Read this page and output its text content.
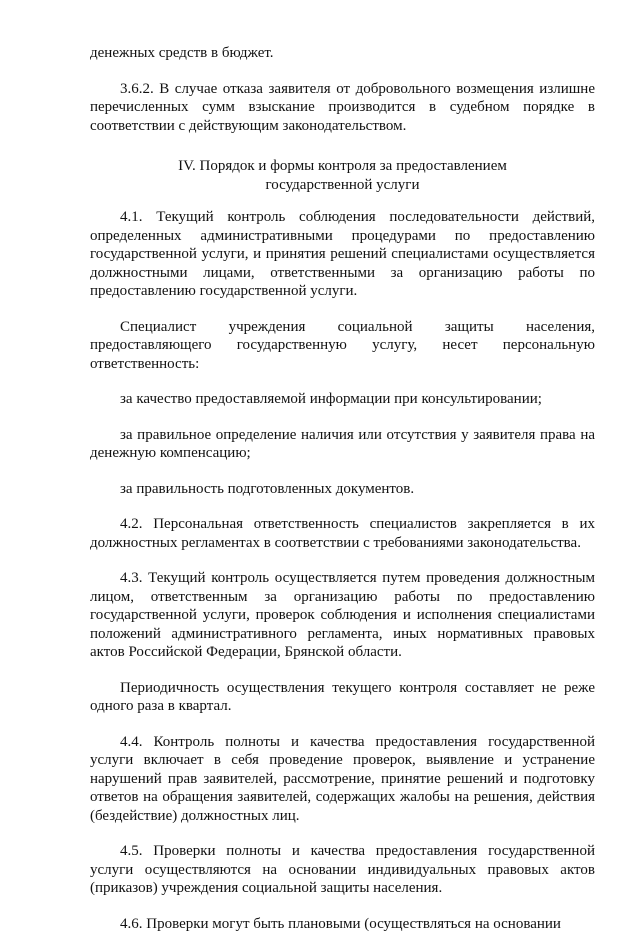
денежных средств в бюджет.

3.6.2. В случае отказа заявителя от добровольного возмещения излишне перечисленных сумм взыскание производится в судебном порядке в соответствии с действующим законодательством.

IV. Порядок и формы контроля за предоставлением
государственной услуги

4.1. Текущий контроль соблюдения последовательности действий, определенных административными процедурами по предоставлению государственной услуги, и принятия решений специалистами осуществляется должностными лицами, ответственными за организацию работы по предоставлению государственной услуги.

Специалист учреждения социальной защиты населения, предоставляющего государственную услугу, несет персональную ответственность:

за качество предоставляемой информации при консультировании;

за правильное определение наличия или отсутствия у заявителя права на денежную компенсацию;

за правильность подготовленных документов.

4.2. Персональная ответственность специалистов закрепляется в их должностных регламентах в соответствии с требованиями законодательства.

4.3. Текущий контроль осуществляется путем проведения должностным лицом, ответственным за организацию работы по предоставлению государственной услуги, проверок соблюдения и исполнения специалистами положений административного регламента, иных нормативных правовых актов Российской Федерации, Брянской области.

Периодичность осуществления текущего контроля составляет не реже одного раза в квартал.

4.4. Контроль полноты и качества предоставления государственной услуги включает в себя проведение проверок, выявление и устранение нарушений прав заявителей, рассмотрение, принятие решений и подготовку ответов на обращения заявителей, содержащих жалобы на решения, действия (бездействие) должностных лиц.

4.5. Проверки полноты и качества предоставления государственной услуги осуществляются на основании индивидуальных правовых актов (приказов) учреждения социальной защиты населения.

4.6. Проверки могут быть плановыми (осуществляться на основании
